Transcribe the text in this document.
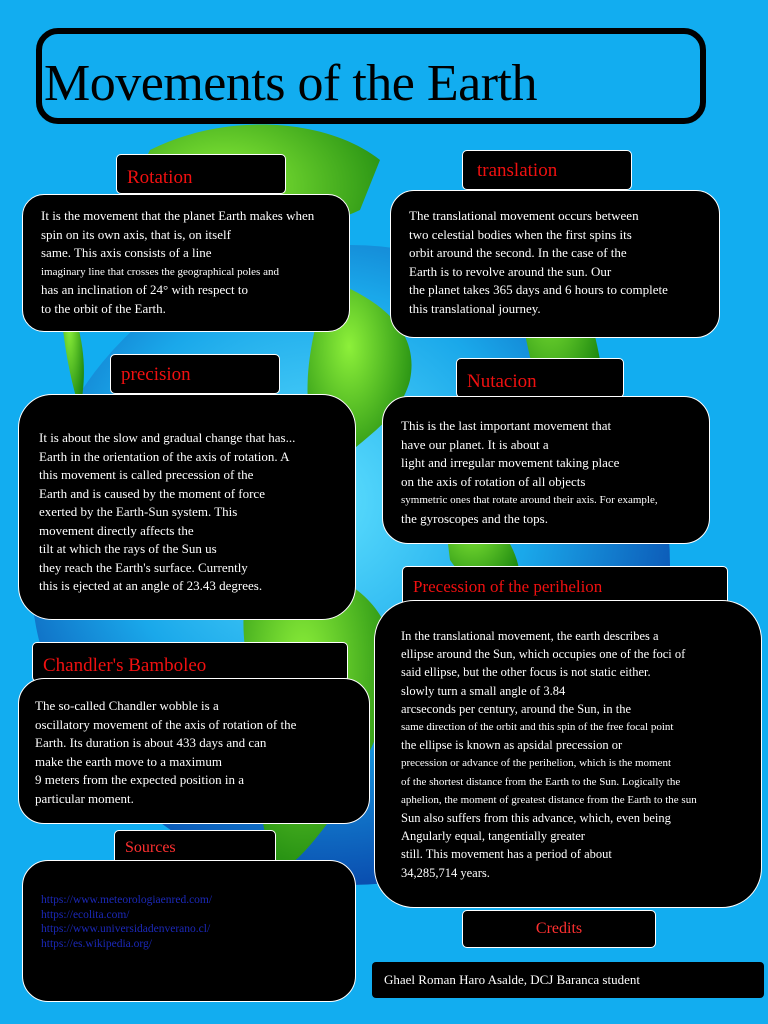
Movements of the Earth
Rotation
It is the movement that the planet Earth makes when
spin on its own axis, that is, on itself
same. This axis consists of a line
imaginary line that crosses the geographical poles and
has an inclination of 24° with respect to
to the orbit of the Earth.
translation
The translational movement occurs between
two celestial bodies when the first spins its
orbit around the second. In the case of the
Earth is to revolve around the sun. Our
the planet takes 365 days and 6 hours to complete
this translational journey.
precision
It is about the slow and gradual change that has...
Earth in the orientation of the axis of rotation. A
this movement is called precession of the
Earth and is caused by the moment of force
exerted by the Earth-Sun system. This
movement directly affects the
tilt at which the rays of the Sun us
they reach the Earth's surface. Currently
this is ejected at an angle of 23.43 degrees.
Nutacion
This is the last important movement that
have our planet. It is about a
light and irregular movement taking place
on the axis of rotation of all objects
symmetric ones that rotate around their axis. For example,
the gyroscopes and the tops.
Precession of the perihelion
In the translational movement, the earth describes a
ellipse around the Sun, which occupies one of the foci of
said ellipse, but the other focus is not static either.
slowly turn a small angle of 3.84
arcseconds per century, around the Sun, in the
same direction of the orbit and this spin of the free focal point
the ellipse is known as apsidal precession or
precession or advance of the perihelion, which is the moment
of the shortest distance from the Earth to the Sun. Logically the
aphelion, the moment of greatest distance from the Earth to the sun
Sun also suffers from this advance, which, even being
Angularly equal, tangentially greater
still. This movement has a period of about
34,285,714 years.
Chandler's Bamboleo
The so-called Chandler wobble is a
oscillatory movement of the axis of rotation of the
Earth. Its duration is about 433 days and can
make the earth move to a maximum
9 meters from the expected position in a
particular moment.
Sources
https://www.meteorologiaenred.com/
https://ecolita.com/
https://www.universidadenverano.cl/
https://es.wikipedia.org/
Credits
Ghael Roman Haro Asalde, DCJ Baranca student
